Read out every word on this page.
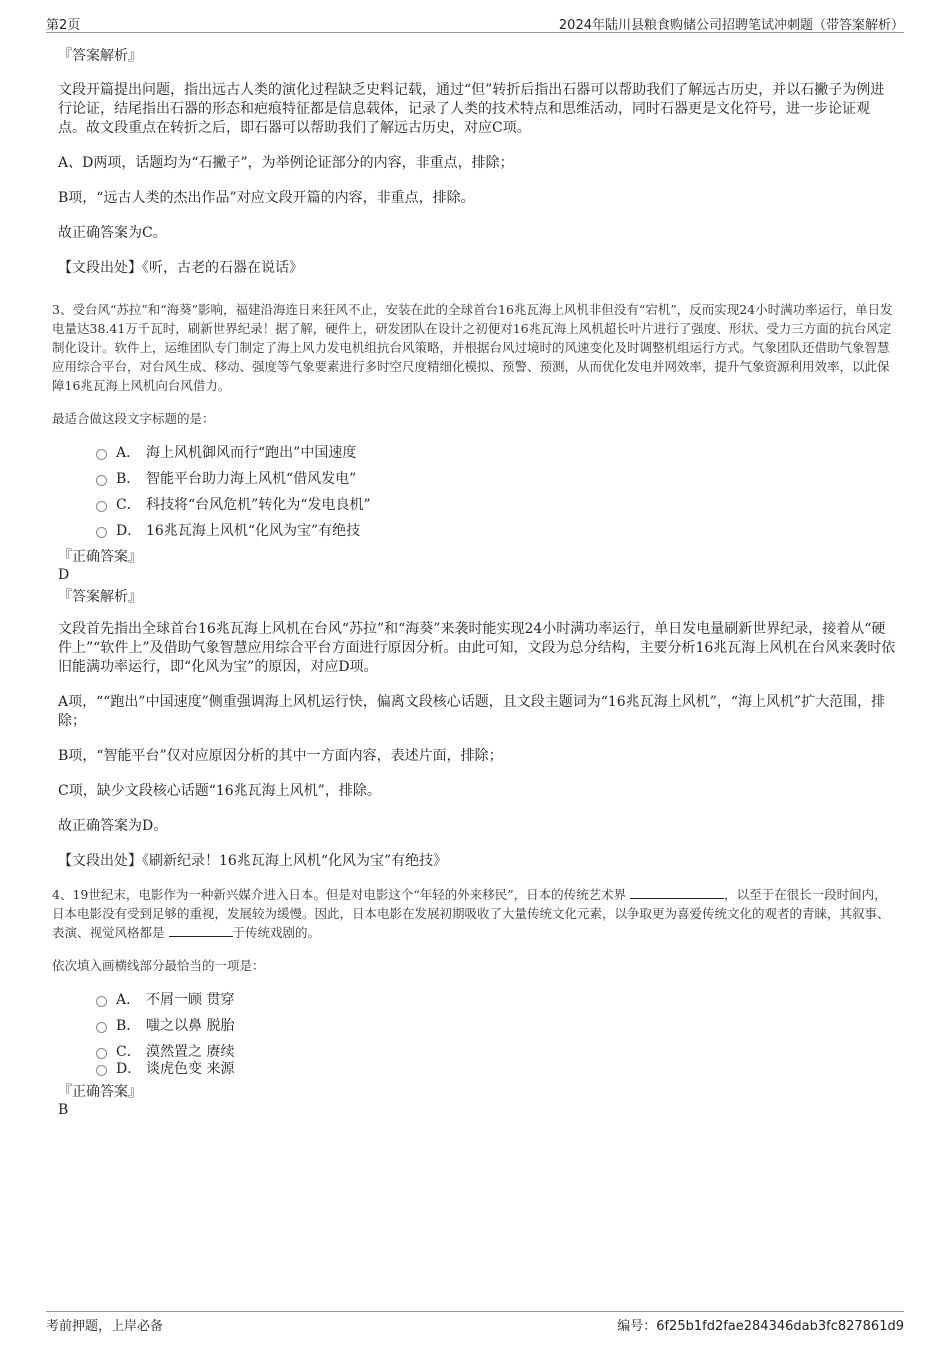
第2页	2024年陆川县粮食购储公司招聘笔试冲刺题（带答案解析）

『答案解析』

文段开篇提出问题，指出远古人类的演化过程缺乏史料记载，通过“但”转折后指出石器可以帮助我们了解远古历史，并以石撇子为例进行论证，结尾指出石器的形态和疤痕特征都是信息载体，记录了人类的技术特点和思维活动，同时石器更是文化符号，进一步论证观点。故文段重点在转折之后，即石器可以帮助我们了解远古历史，对应C项。

A、D两项，话题均为“石撇子”，为举例论证部分的内容，非重点，排除；

B项，“远古人类的杰出作品”对应文段开篇的内容，非重点，排除。

故正确答案为C。

【文段出处】《听，古老的石器在说话》

3、受台风“苏拉”和“海葵”影响，福建沿海连日来狂风不止，安装在此的全球首台16兆瓦海上风机非但没有“宕机”，反而实现24小时满功率运行，单日发电量达38.41万千瓦时，刷新世界纪录！据了解，硬件上，研发团队在设计之初便对16兆瓦海上风机超长叶片进行了强度、形状、受力三方面的抗台风定制化设计。软件上，运维团队专门制定了海上风力发电机组抗台风策略，并根据台风过境时的风速变化及时调整机组运行方式。气象团队还借助气象智慧应用综合平台，对台风生成、移动、强度等气象要素进行多时空尺度精细化模拟、预警、预测，从而优化发电并网效率，提升气象资源利用效率，以此保障16兆瓦海上风机向台风借力。

最适合做这段文字标题的是：

A． 海上风机御风而行“跑出”中国速度
B． 智能平台助力海上风机“借风发电”
C． 科技将“台风危机”转化为“发电良机”
D． 16兆瓦海上风机“化风为宝”有绝技

『正确答案』

D

『答案解析』

文段首先指出全球首台16兆瓦海上风机在台风“苏拉”和“海葵”来袭时能实现24小时满功率运行，单日发电量刷新世界纪录，接着从“硬件上”“软件上”及借助气象智慧应用综合平台方面进行原因分析。由此可知，文段为总分结构，主要分析16兆瓦海上风机在台风来袭时依旧能满功率运行，即“化风为宝”的原因，对应D项。

A项，““跑出”中国速度”侧重强调海上风机运行快，偏离文段核心话题，且文段主题词为“16兆瓦海上风机”，“海上风机”扩大范围，排除；

B项，“智能平台”仅对应原因分析的其中一方面内容，表述片面，排除；

C项，缺少文段核心话题“16兆瓦海上风机”，排除。

故正确答案为D。

【文段出处】《刷新纪录！16兆瓦海上风机“化风为宝”有绝技》

4、19世纪末，电影作为一种新兴媒介进入日本。但是对电影这个“年轻的外来移民”，日本的传统艺术界	，以至于在很长一段时间内，日本电影没有受到足够的重视，发展较为缓慢。因此，日本电影在发展初期吸收了大量传统文化元素，以争取更为喜爱传统文化的观者的青睐，其叙事、表演、视觉风格都是	于传统戏剧的。

依次填入画横线部分最恰当的一项是：

A． 不屑一顾 贯穿
B． 嗤之以鼻 脱胎
C． 漠然置之 赓续
D． 谈虎色变 来源

『正确答案』

B

考前押题，上岸必备	编号：6f25b1fd2fae284346dab3fc827861d9
